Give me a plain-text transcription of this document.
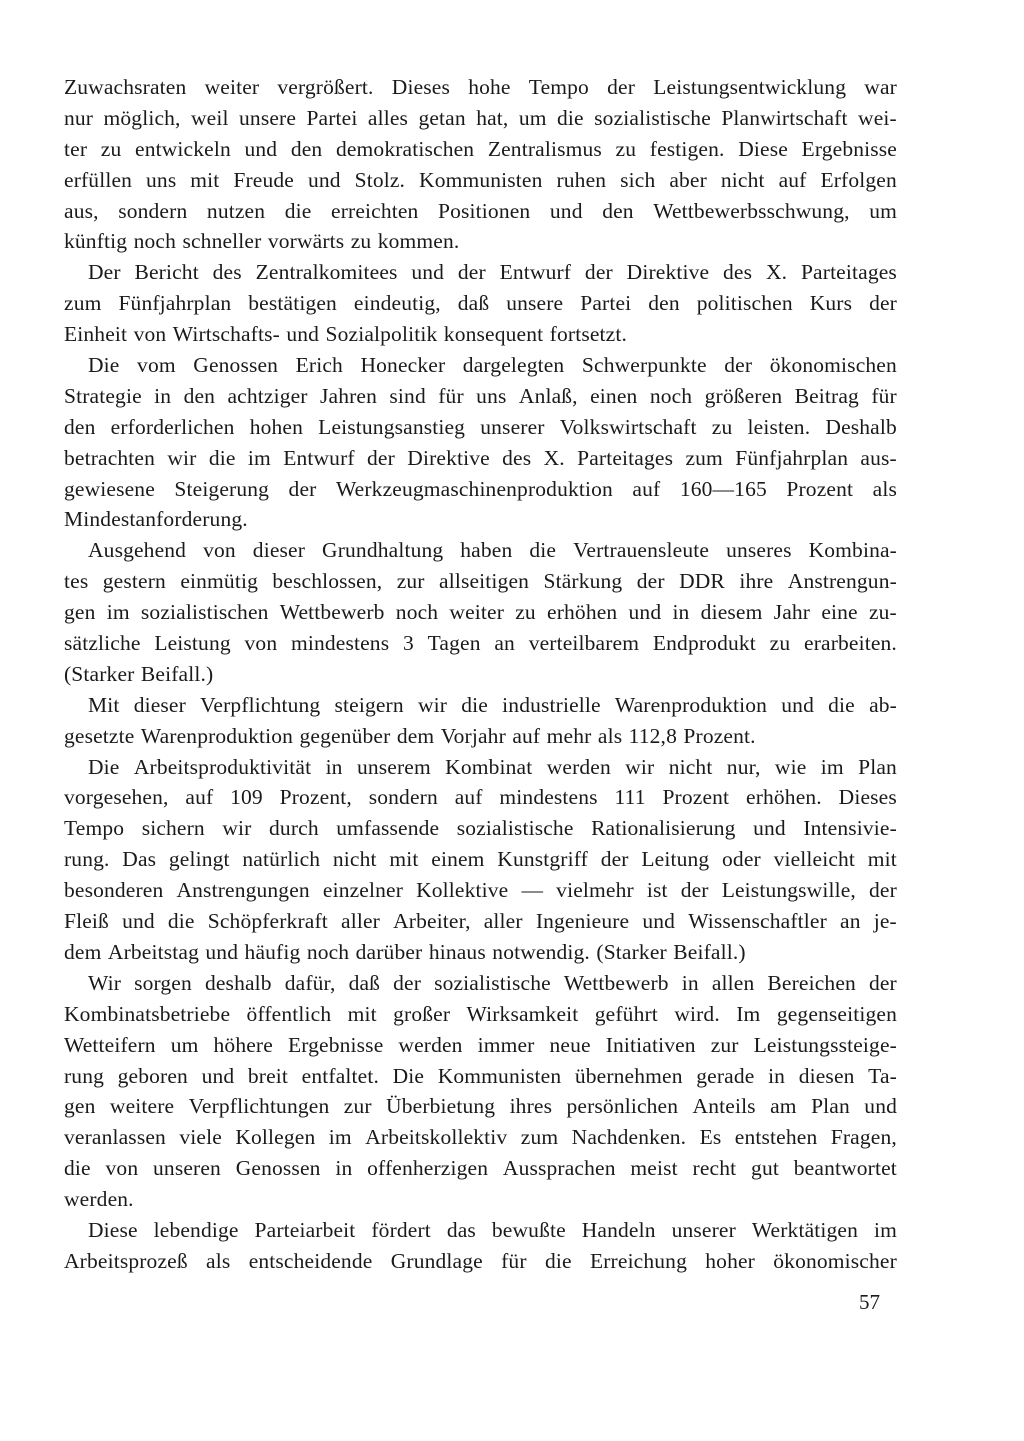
Zuwachsraten weiter vergrößert. Dieses hohe Tempo der Leistungsentwicklung war
nur möglich, weil unsere Partei alles getan hat, um die sozialistische Planwirtschaft wei-
ter zu entwickeln und den demokratischen Zentralismus zu festigen. Diese Ergebnisse
erfüllen uns mit Freude und Stolz. Kommunisten ruhen sich aber nicht auf Erfolgen
aus, sondern nutzen die erreichten Positionen und den Wettbewerbsschwung, um
künftig noch schneller vorwärts zu kommen.
Der Bericht des Zentralkomitees und der Entwurf der Direktive des X. Parteitages
zum Fünfjahrplan bestätigen eindeutig, daß unsere Partei den politischen Kurs der
Einheit von Wirtschafts- und Sozialpolitik konsequent fortsetzt.
Die vom Genossen Erich Honecker dargelegten Schwerpunkte der ökonomischen
Strategie in den achtziger Jahren sind für uns Anlaß, einen noch größeren Beitrag für
den erforderlichen hohen Leistungsanstieg unserer Volkswirtschaft zu leisten. Deshalb
betrachten wir die im Entwurf der Direktive des X. Parteitages zum Fünfjahrplan aus-
gewiesene Steigerung der Werkzeugmaschinenproduktion auf 160—165 Prozent als
Mindestanforderung.
Ausgehend von dieser Grundhaltung haben die Vertrauensleute unseres Kombina-
tes gestern einmütig beschlossen, zur allseitigen Stärkung der DDR ihre Anstrengun-
gen im sozialistischen Wettbewerb noch weiter zu erhöhen und in diesem Jahr eine zu-
sätzliche Leistung von mindestens 3 Tagen an verteilbarem Endprodukt zu erarbeiten.
(Starker Beifall.)
Mit dieser Verpflichtung steigern wir die industrielle Warenproduktion und die ab-
gesetzte Warenproduktion gegenüber dem Vorjahr auf mehr als 112,8 Prozent.
Die Arbeitsproduktivität in unserem Kombinat werden wir nicht nur, wie im Plan
vorgesehen, auf 109 Prozent, sondern auf mindestens 111 Prozent erhöhen. Dieses
Tempo sichern wir durch umfassende sozialistische Rationalisierung und Intensivie-
rung. Das gelingt natürlich nicht mit einem Kunstgriff der Leitung oder vielleicht mit
besonderen Anstrengungen einzelner Kollektive — vielmehr ist der Leistungswille, der
Fleiß und die Schöpferkraft aller Arbeiter, aller Ingenieure und Wissenschaftler an je-
dem Arbeitstag und häufig noch darüber hinaus notwendig. (Starker Beifall.)
Wir sorgen deshalb dafür, daß der sozialistische Wettbewerb in allen Bereichen der
Kombinatsbetriebe öffentlich mit großer Wirksamkeit geführt wird. Im gegenseitigen
Wetteifern um höhere Ergebnisse werden immer neue Initiativen zur Leistungssteige-
rung geboren und breit entfaltet. Die Kommunisten übernehmen gerade in diesen Ta-
gen weitere Verpflichtungen zur Überbietung ihres persönlichen Anteils am Plan und
veranlassen viele Kollegen im Arbeitskollektiv zum Nachdenken. Es entstehen Fragen,
die von unseren Genossen in offenherzigen Aussprachen meist recht gut beantwortet
werden.
Diese lebendige Parteiarbeit fördert das bewußte Handeln unserer Werktätigen im
Arbeitsprozeß als entscheidende Grundlage für die Erreichung hoher ökonomischer
57
